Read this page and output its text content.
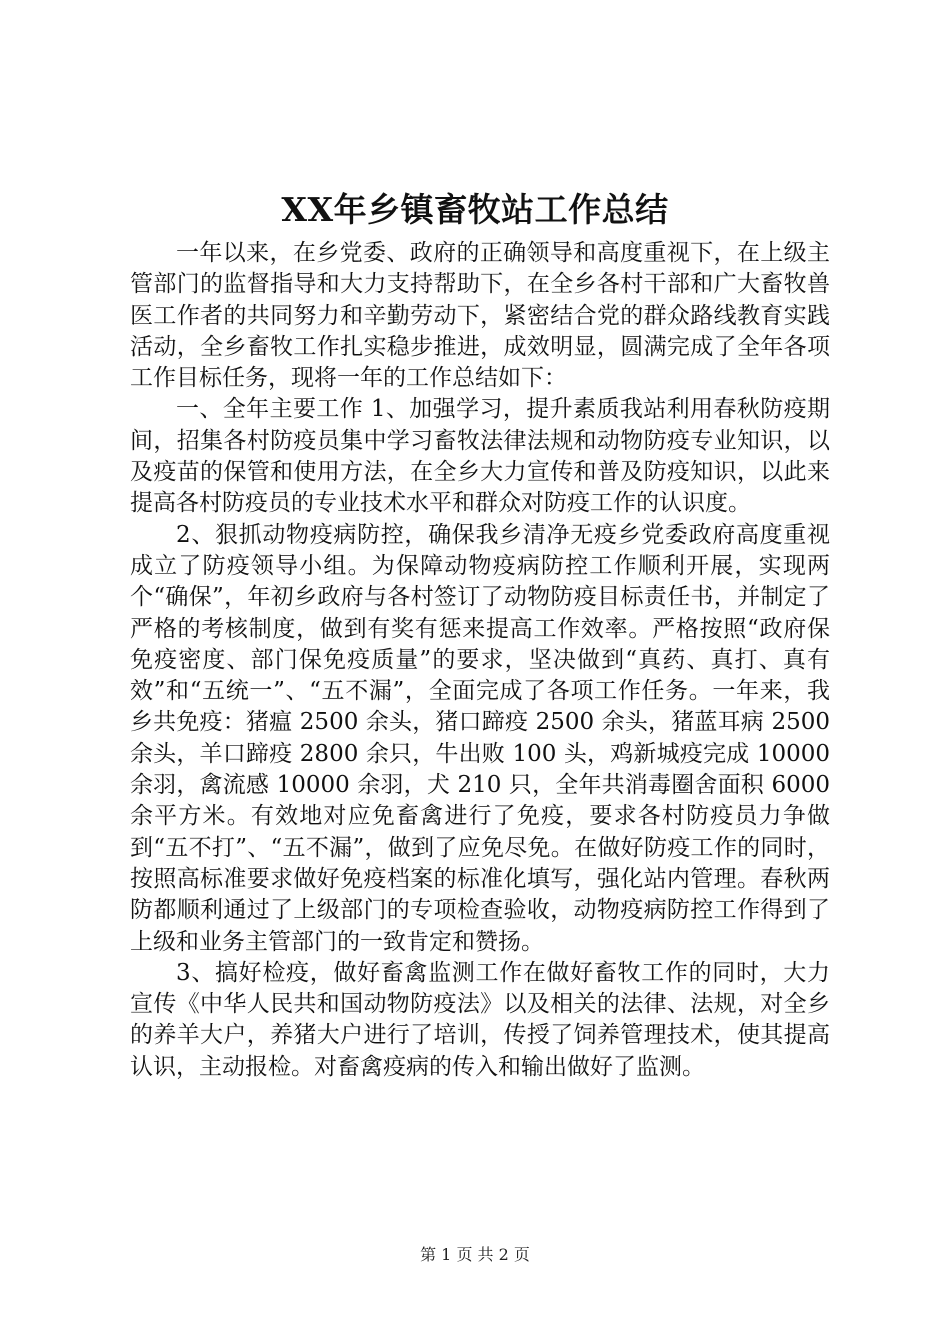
XX年乡镇畜牧站工作总结

一年以来，在乡党委、政府的正确领导和高度重视下，在上级主管部门的监督指导和大力支持帮助下，在全乡各村干部和广大畜牧兽医工作者的共同努力和辛勤劳动下，紧密结合党的群众路线教育实践活动，全乡畜牧工作扎实稳步推进，成效明显，圆满完成了全年各项工作目标任务，现将一年的工作总结如下：

一、全年主要工作 1、加强学习，提升素质我站利用春秋防疫期间，招集各村防疫员集中学习畜牧法律法规和动物防疫专业知识，以及疫苗的保管和使用方法，在全乡大力宣传和普及防疫知识，以此来提高各村防疫员的专业技术水平和群众对防疫工作的认识度。

2、狠抓动物疫病防控，确保我乡清净无疫乡党委政府高度重视成立了防疫领导小组。为保障动物疫病防控工作顺利开展，实现两个“确保”，年初乡政府与各村签订了动物防疫目标责任书，并制定了严格的考核制度，做到有奖有惩来提高工作效率。严格按照“政府保免疫密度、部门保免疫质量”的要求，坚决做到“真药、真打、真有效”和“五统一”、“五不漏”，全面完成了各项工作任务。一年来，我乡共免疫：猪瘟 2500 余头，猪口蹄疫 2500 余头，猪蓝耳病 2500 余头，羊口蹄疫 2800 余只，牛出败 100 头，鸡新城疫完成 10000 余羽，禽流感 10000 余羽，犬 210 只，全年共消毒圈舍面积 6000 余平方米。有效地对应免畜禽进行了免疫，要求各村防疫员力争做到“五不打”、“五不漏”，做到了应免尽免。在做好防疫工作的同时，按照高标准要求做好免疫档案的标准化填写，强化站内管理。春秋两防都顺利通过了上级部门的专项检查验收，动物疫病防控工作得到了上级和业务主管部门的一致肯定和赞扬。

3、搞好检疫，做好畜禽监测工作在做好畜牧工作的同时，大力宣传《中华人民共和国动物防疫法》以及相关的法律、法规，对全乡的养羊大户，养猪大户进行了培训，传授了饲养管理技术，使其提高认识，主动报检。对畜禽疫病的传入和输出做好了监测。

第 1 页 共 2 页
